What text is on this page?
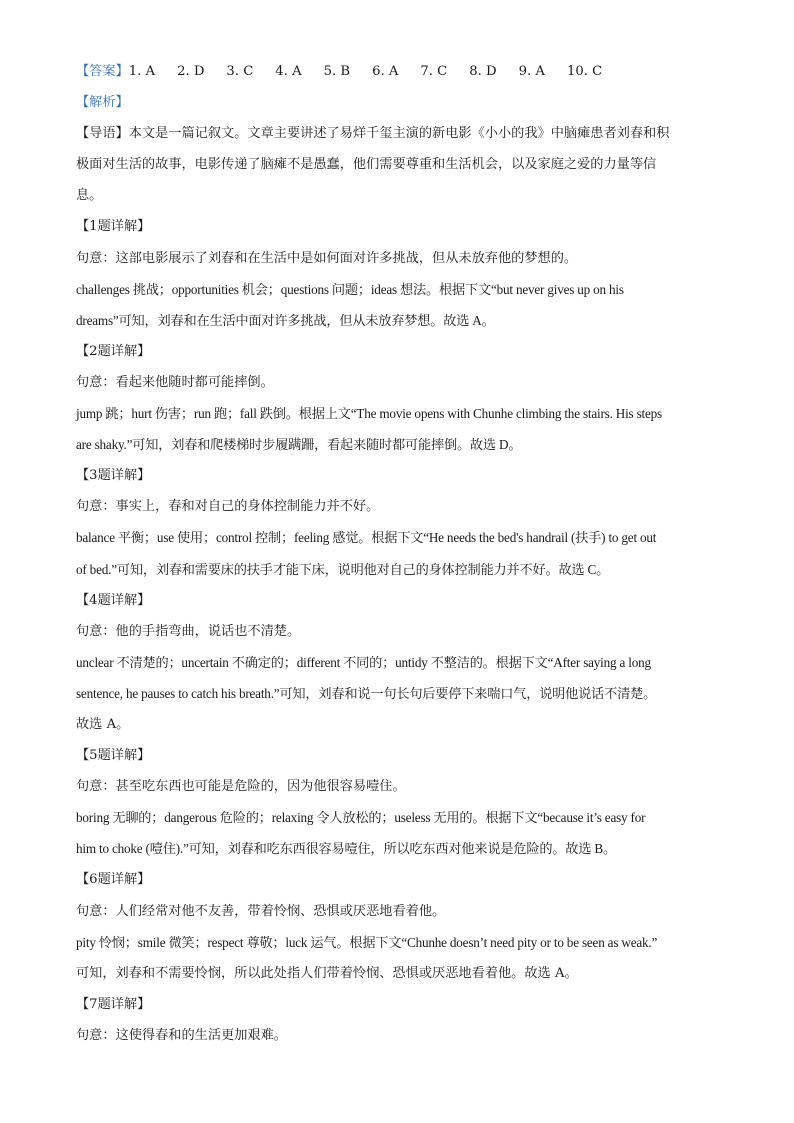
【答案】1. A 2. D 3. C 4. A 5. B 6. A 7. C 8. D 9. A 10. C
【解析】
【导语】本文是一篇记叙文。文章主要讲述了易烊千玺主演的新电影《小小的我》中脑瘫患者刘春和积
极面对生活的故事，电影传递了脑瘫不是愚蠢，他们需要尊重和生活机会，以及家庭之爱的力量等信
息。
【1题详解】
句意：这部电影展示了刘春和在生活中是如何面对许多挑战，但从未放弃他的梦想的。
challenges 挑战；opportunities 机会；questions 问题；ideas 想法。根据下文“but never gives up on his
dreams”可知，刘春和在生活中面对许多挑战，但从未放弃梦想。故选 A。
【2题详解】
句意：看起来他随时都可能摔倒。
jump 跳；hurt 伤害；run 跑；fall 跌倒。根据上文“The movie opens with Chunhe climbing the stairs. His steps
are shaky.”可知，刘春和爬楼梯时步履蹒跚，看起来随时都可能摔倒。故选 D。
【3题详解】
句意：事实上，春和对自己的身体控制能力并不好。
balance 平衡；use 使用；control 控制；feeling 感觉。根据下文“He needs the bed's handrail (扶手) to get out
of bed.”可知，刘春和需要床的扶手才能下床，说明他对自己的身体控制能力并不好。故选 C。
【4题详解】
句意：他的手指弯曲，说话也不清楚。
unclear 不清楚的；uncertain 不确定的；different 不同的；untidy 不整洁的。根据下文“After saying a long
sentence, he pauses to catch his breath.”可知，刘春和说一句长句后要停下来喘口气，说明他说话不清楚。
故选 A。
【5题详解】
句意：甚至吃东西也可能是危险的，因为他很容易噎住。
boring 无聊的；dangerous 危险的；relaxing 令人放松的；useless 无用的。根据下文“because it’s easy for
him to choke (噎住).”可知，刘春和吃东西很容易噎住，所以吃东西对他来说是危险的。故选 B。
【6题详解】
句意：人们经常对他不友善，带着怜悯、恐惧或厌恶地看着他。
pity 怜悯；smile 微笑；respect 尊敬；luck 运气。根据下文“Chunhe doesn’t need pity or to be seen as weak.”
可知，刘春和不需要怜悯，所以此处指人们带着怜悯、恐惧或厌恶地看着他。故选 A。
【7题详解】
句意：这使得春和的生活更加艰难。
